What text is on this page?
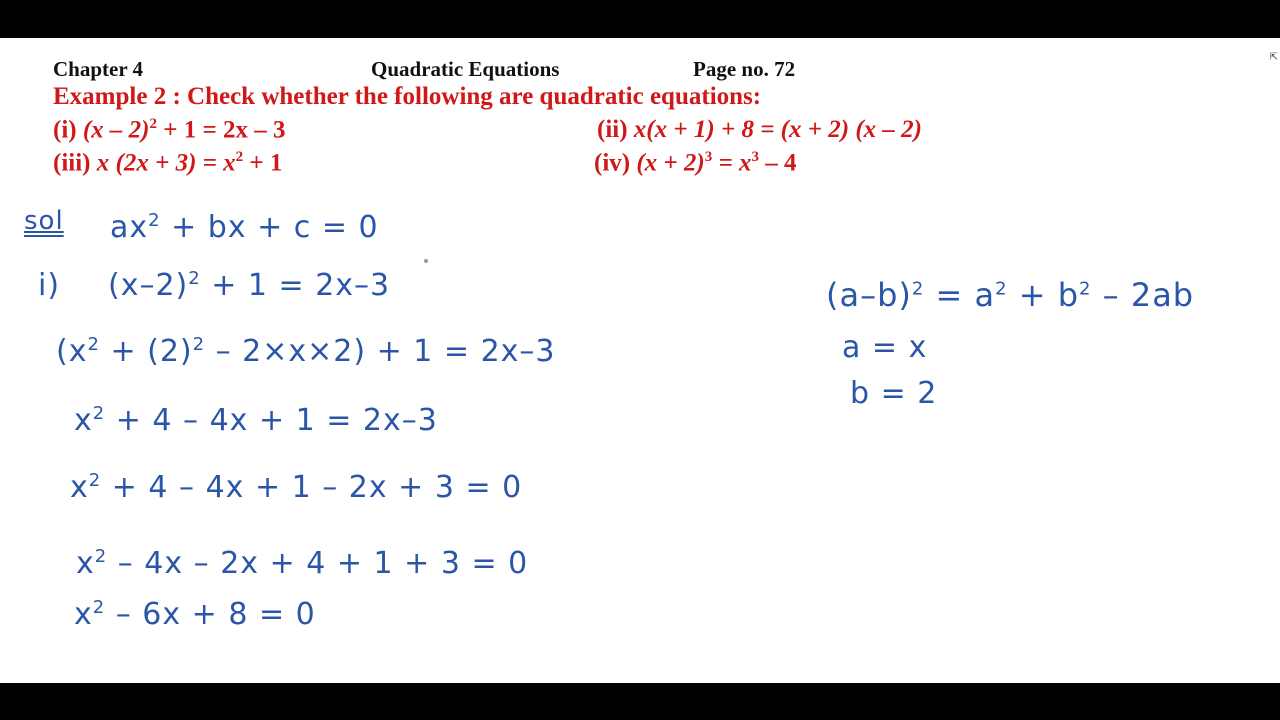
Chapter 4	Quadratic Equations	Page no. 72	⇱
Example 2 : Check whether the following are quadratic equations:
(i) (x – 2)$^2$ + 1 = 2x – 3	(ii) x(x + 1) + 8 = (x + 2) (x – 2)
(iii) x $(2x + 3) = x^2 + 1$	(iv) $(x + 2)^3 = x^3 - 4$
sol $ax^2$ + bx + c = 0
i) $(x-2)^2 + 1 = 2x-3$
$(x^2 + (2)^2 - 2\times x\times 2) + 1 = 2x-3$
$x^2 + 4 - 4x + 1 = 2x-3$
$x^2 + 4 - 4x + 1 - 2x + 3 = 0$
$x^2 - 4x - 2x + 4 + 1 + 3 = 0$
$x^2 - 6x + 8 = 0$
$(a-b)^2 = a^2 + b^2 - 2ab$
a = x
b = 2
